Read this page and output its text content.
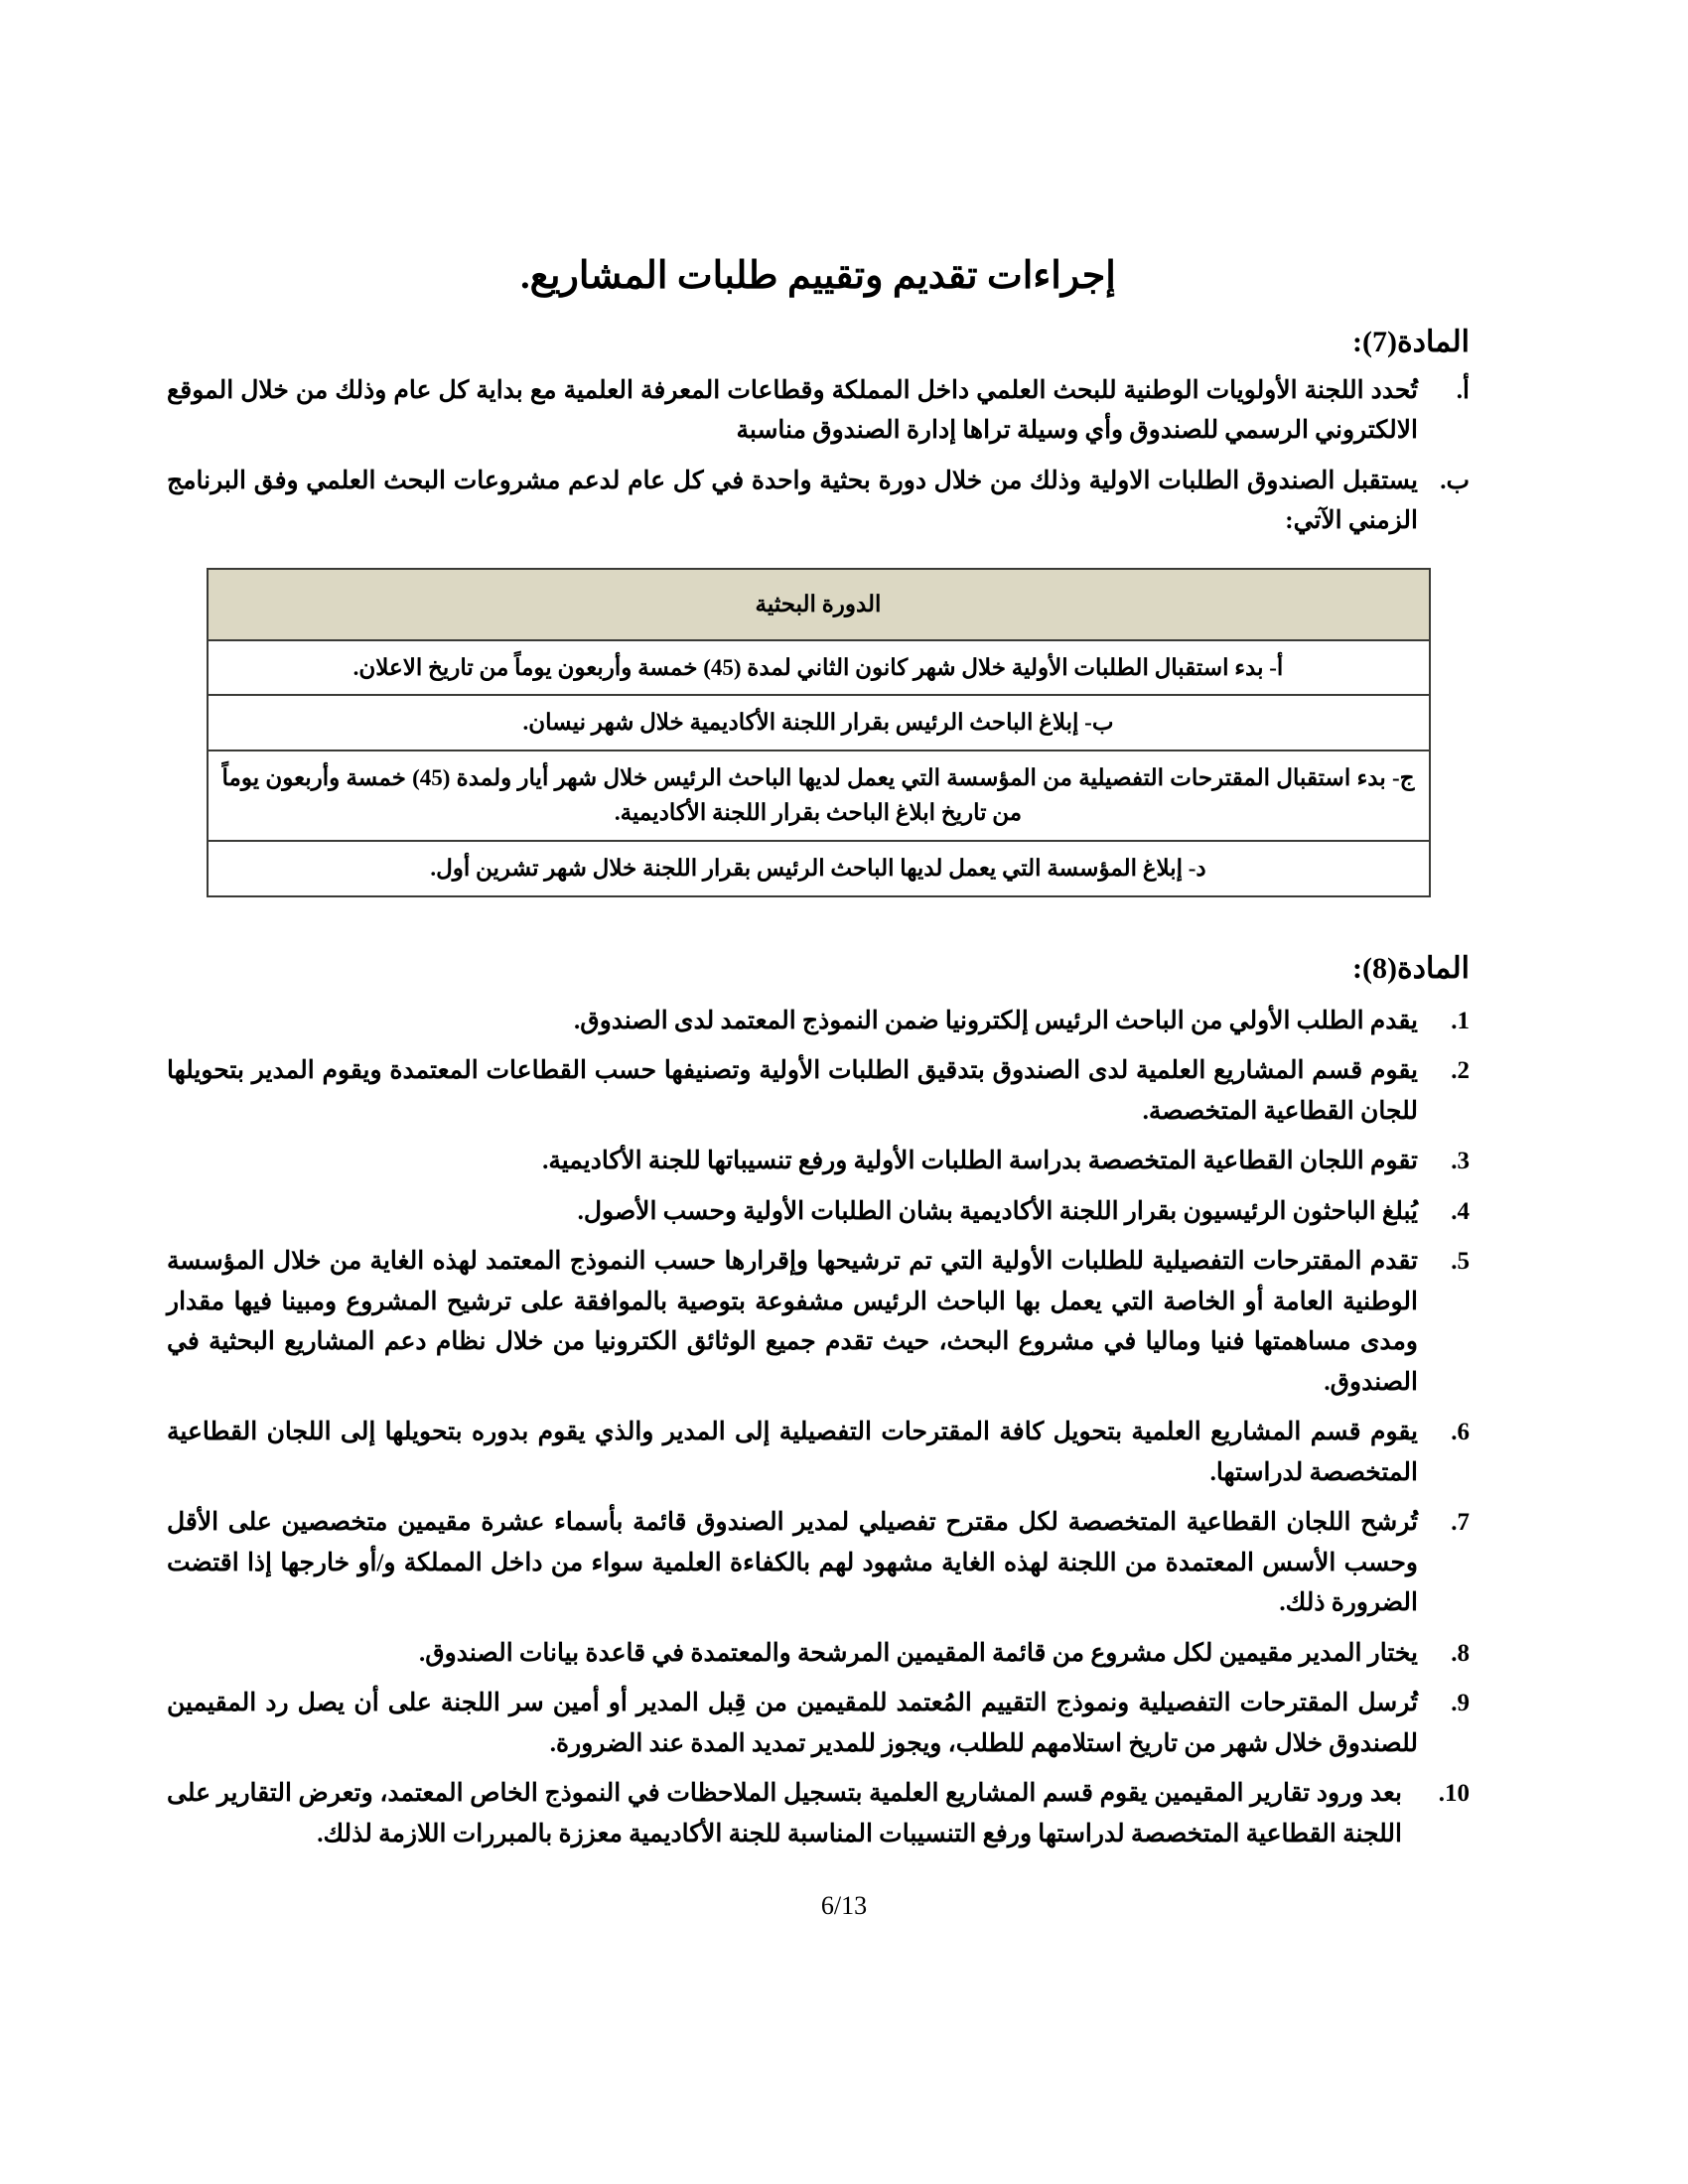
إجراءات تقديم وتقييم طلبات المشاريع.
المادة(7):
أ.
تُحدد اللجنة الأولويات الوطنية للبحث العلمي داخل المملكة وقطاعات المعرفة العلمية مع بداية كل عام وذلك من خلال الموقع الالكتروني الرسمي للصندوق وأي وسيلة تراها إدارة الصندوق مناسبة
ب.
يستقبل الصندوق الطلبات الاولية وذلك من خلال دورة بحثية واحدة في كل عام لدعم مشروعات البحث العلمي وفق البرنامج الزمني الآتي:
الدورة البحثية
أ- بدء استقبال الطلبات الأولية خلال شهر كانون الثاني لمدة (45) خمسة وأربعون يوماً من تاريخ الاعلان.
ب- إبلاغ الباحث الرئيس بقرار اللجنة الأكاديمية خلال شهر نيسان.
ج- بدء استقبال المقترحات التفصيلية من المؤسسة التي يعمل لديها الباحث الرئيس خلال شهر أيار ولمدة (45) خمسة وأربعون يوماً من تاريخ ابلاغ الباحث بقرار اللجنة الأكاديمية.
د- إبلاغ المؤسسة التي يعمل لديها الباحث الرئيس بقرار اللجنة خلال شهر تشرين أول.
المادة(8):
1.
يقدم الطلب الأولي من الباحث الرئيس إلكترونيا ضمن النموذج المعتمد لدى الصندوق.
2.
يقوم قسم المشاريع العلمية لدى الصندوق بتدقيق الطلبات الأولية وتصنيفها حسب القطاعات المعتمدة ويقوم المدير بتحويلها للجان القطاعية المتخصصة.
3.
تقوم اللجان القطاعية المتخصصة بدراسة الطلبات الأولية ورفع تنسيباتها للجنة الأكاديمية.
4.
يُبلغ الباحثون الرئيسيون بقرار اللجنة الأكاديمية بشان الطلبات الأولية وحسب الأصول.
5.
تقدم المقترحات التفصيلية للطلبات الأولية التي تم ترشيحها وإقرارها حسب النموذج المعتمد لهذه الغاية من خلال المؤسسة الوطنية العامة أو الخاصة التي يعمل بها الباحث الرئيس مشفوعة بتوصية بالموافقة على ترشيح المشروع ومبينا فيها مقدار ومدى مساهمتها فنيا وماليا في مشروع البحث، حيث تقدم جميع الوثائق الكترونيا من خلال نظام دعم المشاريع البحثية في الصندوق.
6.
يقوم قسم المشاريع العلمية بتحويل كافة المقترحات التفصيلية إلى المدير والذي يقوم بدوره بتحويلها إلى اللجان القطاعية المتخصصة لدراستها.
7.
تُرشح اللجان القطاعية المتخصصة لكل مقترح تفصيلي لمدير الصندوق قائمة بأسماء عشرة مقيمين متخصصين على الأقل وحسب الأسس المعتمدة من اللجنة لهذه الغاية مشهود لهم بالكفاءة العلمية سواء من داخل المملكة و/أو خارجها إذا اقتضت الضرورة ذلك.
8.
يختار المدير مقيمين لكل مشروع من قائمة المقيمين المرشحة والمعتمدة في قاعدة بيانات الصندوق.
9.
تُرسل المقترحات التفصيلية ونموذج التقييم المُعتمد للمقيمين من قِبل المدير أو أمين سر اللجنة على أن يصل رد المقيمين للصندوق خلال شهر من تاريخ استلامهم للطلب، ويجوز للمدير تمديد المدة عند الضرورة.
10.
بعد ورود تقارير المقيمين يقوم قسم المشاريع العلمية بتسجيل الملاحظات في النموذج الخاص المعتمد، وتعرض التقارير على اللجنة القطاعية المتخصصة لدراستها ورفع التنسيبات المناسبة للجنة الأكاديمية معززة بالمبررات اللازمة لذلك.
6/13
